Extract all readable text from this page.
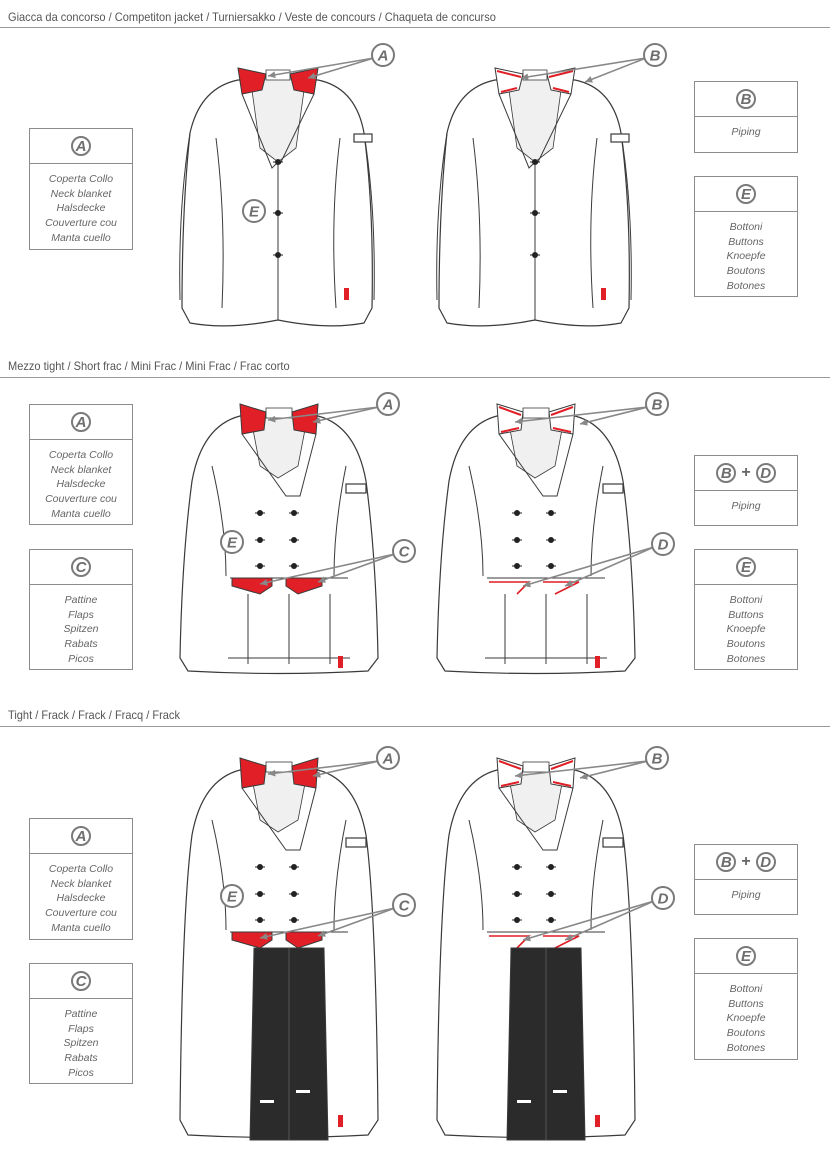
Giacca da concorso / Competiton jacket / Turniersakko / Veste de concours / Chaqueta de concurso
A
Coperta Collo
Neck blanket
Halsdecke
Couverture cou
Manta cuello
B
Piping
E
Bottoni
Buttons
Knoepfe
Boutons
Botones
Mezzo tight / Short frac / Mini Frac / Mini Frac / Frac corto
A
Coperta Collo
Neck blanket
Halsdecke
Couverture cou
Manta cuello
C
Pattine
Flaps
Spitzen
Rabats
Picos
B + D
Piping
E
Bottoni
Buttons
Knoepfe
Boutons
Botones
Tight / Frack / Frack / Fracq / Frack
A
Coperta Collo
Neck blanket
Halsdecke
Couverture cou
Manta cuello
C
Pattine
Flaps
Spitzen
Rabats
Picos
B + D
Piping
E
Bottoni
Buttons
Knoepfe
Boutons
Botones
A
E
B
A
E
C
B
D
A
E
C
B
D
